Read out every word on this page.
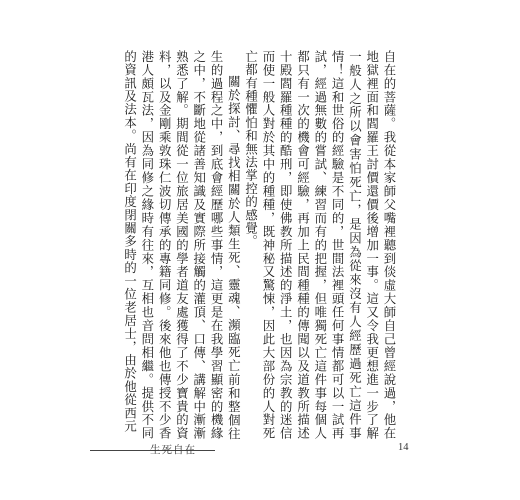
自在的菩薩。我從本家師父嘴裡聽到倓虛大師自己曾經說過，他在地獄裡面和閻羅王討價還價後增加一事。這又令我更想進一步了解一般人之所以會害怕死亡，是因為從來沒有人經歷過死亡這件事情！這和世俗的經驗是不同的，世間法裡頭任何事情都可以一試再試，經過無數的嘗試、練習而有的把握，但唯獨死亡這件事每個人都只有一次的機會可經驗，再加上民間種種的傳聞以及道教所描述十殿閻羅種種的酷刑，即使佛教所描述的淨土，也因為宗教的迷信而使一般人對於其中的種種，既神秘又驚悚，因此大部份的人對死亡都有種懼怕和無法掌控的感覺。

關於探討、尋找相關於人類生死、靈魂、瀕臨死亡前和整個往生的過程之中，到底會經歷哪些事情，這更是在我學習顯密的機緣之中，不斷地從諸善知識及實際所接觸的灌頂、口傳、講解中漸漸熟悉了解。期間從一位旅居美國的學者道友處獲得了不少寶貴的資料，以及金剛乘敦珠仁波切傳承的專籍同修。後來他也傳授不少香港人頗瓦法，因為同修之緣時有往來，互相也音問相繼。提供不同的資訊及法本。尚有在印度閉關多時的一位老居士，由於他從西元

生死自在	14
